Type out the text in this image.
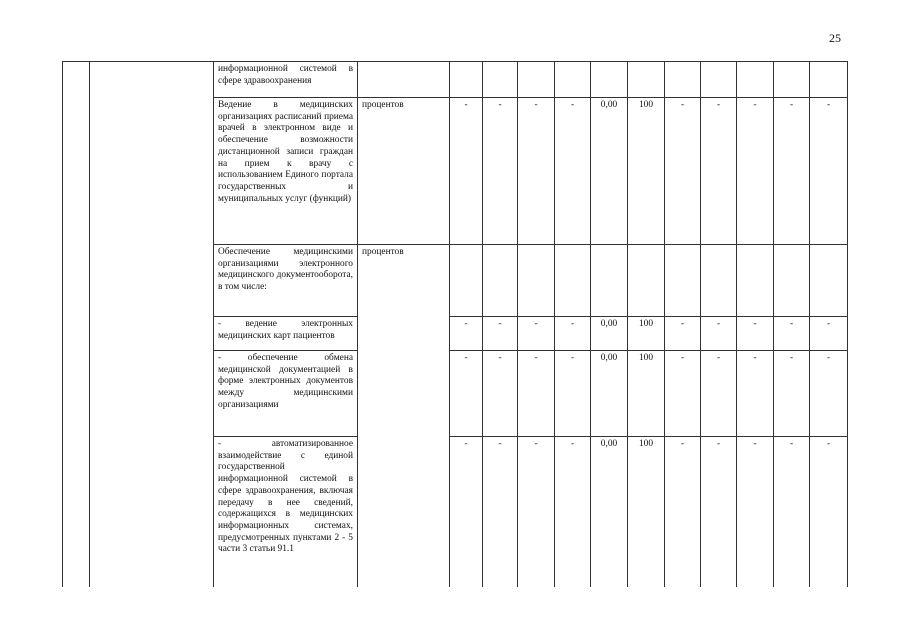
25
		информационной системой в сфере здравоохранения												
		Ведение в медицинских организациях расписаний приема врачей в электронном виде и обеспечение возможности дистанционной записи граждан на прием к врачу с использованием Единого портала государственных и муниципальных услуг (функций)	процентов	-	-	-	-	0,00	100	-	-	-	-	-
		Обеспечение медицинскими организациями электронного медицинского документооборота, в том числе:	процентов											
		- ведение электронных медицинских карт пациентов		-	-	-	-	0,00	100	-	-	-	-	-
		- обеспечение обмена медицинской документацией в форме электронных документов между медицинскими организациями		-	-	-	-	0,00	100	-	-	-	-	-
		- автоматизированное взаимодействие с единой государственной информационной системой в сфере здравоохранения, включая передачу в нее сведений, содержащихся в медицинских информационных системах, предусмотренных пунктами 2 - 5 части 3 статьи 91.1		-	-	-	-	0,00	100	-	-	-	-	-
